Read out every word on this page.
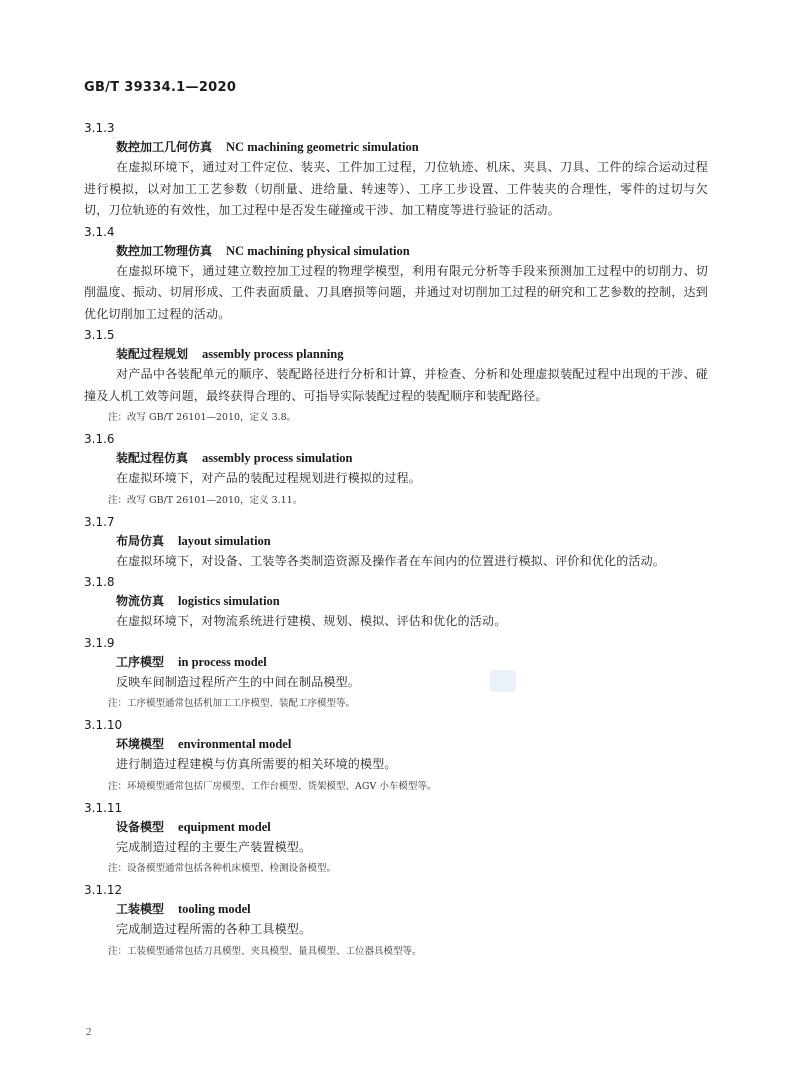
GB/T 39334.1—2020
3.1.3
数控加工几何仿真 NC machining geometric simulation

在虚拟环境下，通过对工件定位、装夹、工件加工过程，刀位轨迹、机床、夹具、刀具、工件的综合运动过程进行模拟，以对加工工艺参数（切削量、进给量、转速等）、工序工步设置、工件装夹的合理性，零件的过切与欠切，刀位轨迹的有效性，加工过程中是否发生碰撞或干涉、加工精度等进行验证的活动。

3.1.4
数控加工物理仿真 NC machining physical simulation

在虚拟环境下，通过建立数控加工过程的物理学模型，利用有限元分析等手段来预测加工过程中的切削力、切削温度、振动、切屑形成、工件表面质量、刀具磨损等问题，并通过对切削加工过程的研究和工艺参数的控制，达到优化切削加工过程的活动。

3.1.5
装配过程规划 assembly process planning

对产品中各装配单元的顺序、装配路径进行分析和计算，并检查、分析和处理虚拟装配过程中出现的干涉、碰撞及人机工效等问题，最终获得合理的、可指导实际装配过程的装配顺序和装配路径。

注：改写 GB/T 26101—2010，定义 3.8。
3.1.6
装配过程仿真 assembly process simulation

在虚拟环境下，对产品的装配过程规划进行模拟的过程。

注：改写 GB/T 26101—2010，定义 3.11。
3.1.7
布局仿真 layout simulation

在虚拟环境下，对设备、工装等各类制造资源及操作者在车间内的位置进行模拟、评价和优化的活动。

3.1.8
物流仿真 logistics simulation

在虚拟环境下，对物流系统进行建模、规划、模拟、评估和优化的活动。

3.1.9
工序模型 in process model

反映车间制造过程所产生的中间在制品模型。

注：工序模型通常包括机加工工序模型、装配工序模型等。
3.1.10
环境模型 environmental model

进行制造过程建模与仿真所需要的相关环境的模型。

注：环境模型通常包括厂房模型、工作台模型、货架模型、AGV 小车模型等。
3.1.11
设备模型 equipment model

完成制造过程的主要生产装置模型。

注：设备模型通常包括各种机床模型、检测设备模型。
3.1.12
工装模型 tooling model

完成制造过程所需的各种工具模型。

注：工装模型通常包括刀具模型、夹具模型、量具模型、工位器具模型等。
2
